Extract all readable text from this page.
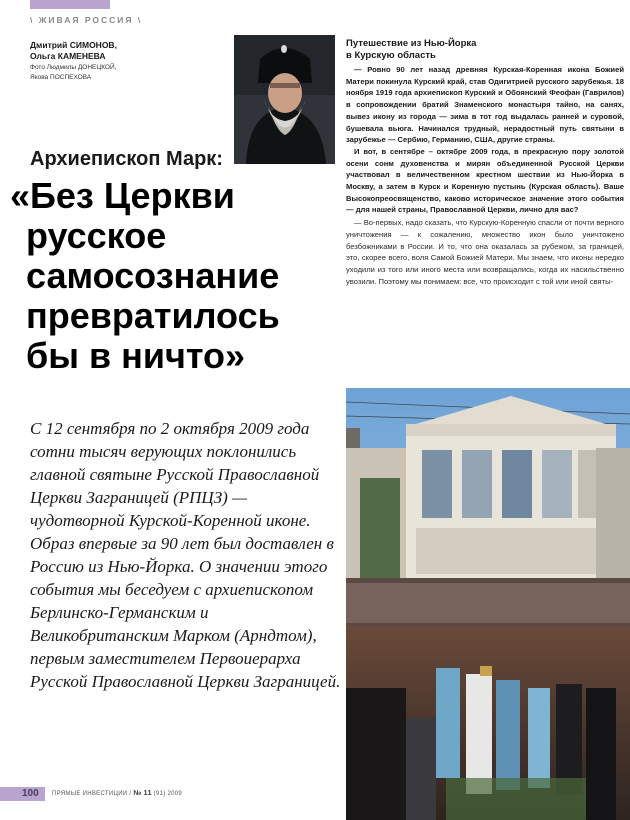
\ ЖИВАЯ РОССИЯ \
Дмитрий СИМОНОВ,
Ольга КАМЕНЕВА
Фото Людмилы ДОНЕЦКОЙ,
Якова ПОСПЕХОВА
Архиепископ Марк:
«Без Церкви
русское
самосознание
превратилось
бы в ничто»
С 12 сентября по 2 октября 2009 года сотни тысяч верующих поклонились главной святыне Русской Православной Церкви Заграницей (РПЦЗ) — чудотворной Курской-Коренной иконе. Образ впервые за 90 лет был доставлен в Россию из Нью-Йорка. О значении этого события мы беседуем с архиепископом Берлинско-Германским и Великобританским Марком (Арндтом), первым заместителем Первоиерарха Русской Православной Церкви Заграницей.
Путешествие из Нью-Йорка
в Курскую область

— Ровно 90 лет назад древняя Курская-Коренная икона Божией Матери покинула Курский край, став Одигитрией русского зарубежья. 18 ноября 1919 года архиепископ Курский и Обоянский Феофан (Гаврилов) в сопровождении братий Знаменского монастыря тайно, на санях, вывез икону из города — зима в тот год выдалась ранней и суровой, бушевала вьюга. Начинался трудный, нерадостный путь святыни в зарубежье — Сербию, Германию, США, другие страны.

И вот, в сентябре – октябре 2009 года, в прекрасную пору золотой осени сонм духовенства и мирян объединенной Русской Церкви участвовал в величественном крестном шествии из Нью-Йорка в Москву, а затем в Курск и Коренную пустынь (Курская область). Ваше Высокопреосвященство, каково историческое значение этого события — для нашей страны, Православной Церкви, лично для вас?

— Во-первых, надо сказать, что Курскую-Коренную спасли от почти верного уничтожения — к сожалению, множество икон было уничтожено безбожниками в России. И то, что она оказалась за рубежом, за границей, это, скорее всего, воля Самой Божией Матери. Мы знаем, что иконы нередко уходили из того или иного места или возвращались, когда их насильственно увозили. Поэтому мы понимаем: все, что происходит с той или иной святы-

100 ПРЯМЫЕ ИНВЕСТИЦИИ / № 11 (91) 2009
